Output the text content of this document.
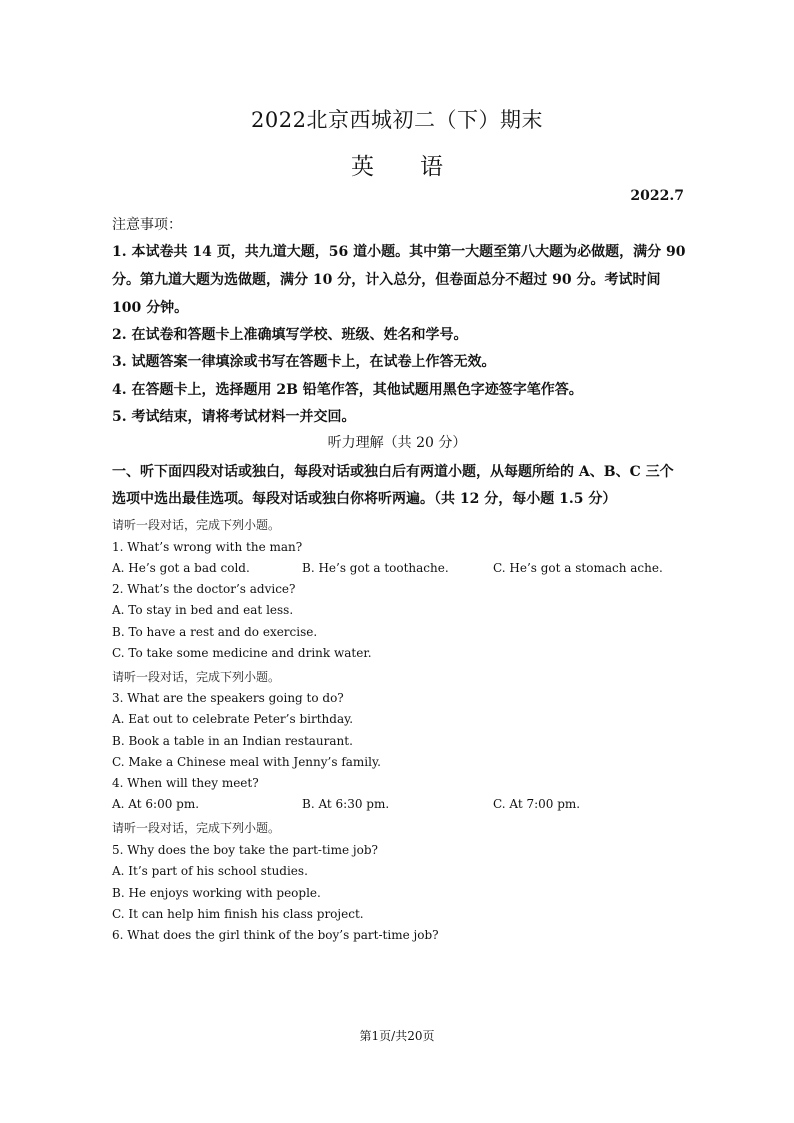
2022北京西城初二（下）期末
英 语
2022.7
注意事项：
1. 本试卷共 14 页，共九道大题，56 道小题。其中第一大题至第八大题为必做题，满分 90
分。第九道大题为选做题，满分 10 分，计入总分，但卷面总分不超过 90 分。考试时间
100 分钟。
2. 在试卷和答题卡上准确填写学校、班级、姓名和学号。
3. 试题答案一律填涂或书写在答题卡上，在试卷上作答无效。
4. 在答题卡上，选择题用 2B 铅笔作答，其他试题用黑色字迹签字笔作答。
5. 考试结束，请将考试材料一并交回。
听力理解（共 20 分）
一、听下面四段对话或独白，每段对话或独白后有两道小题，从每题所给的 A、B、C 三个
选项中选出最佳选项。每段对话或独白你将听两遍。（共 12 分，每小题 1.5 分）
请听一段对话，完成下列小题。
1. What’s wrong with the man?
A. He’s got a bad cold.	B. He’s got a toothache.	C. He’s got a stomach ache.
2. What’s the doctor’s advice?
A. To stay in bed and eat less.
B. To have a rest and do exercise.
C. To take some medicine and drink water.
请听一段对话，完成下列小题。
3. What are the speakers going to do?
A. Eat out to celebrate Peter’s birthday.
B. Book a table in an Indian restaurant.
C. Make a Chinese meal with Jenny’s family.
4. When will they meet?
A. At 6:00 pm.	B. At 6:30 pm.	C. At 7:00 pm.
请听一段对话，完成下列小题。
5. Why does the boy take the part-time job?
A. It’s part of his school studies.
B. He enjoys working with people.
C. It can help him finish his class project.
6. What does the girl think of the boy’s part-time job?
第1页/共20页
